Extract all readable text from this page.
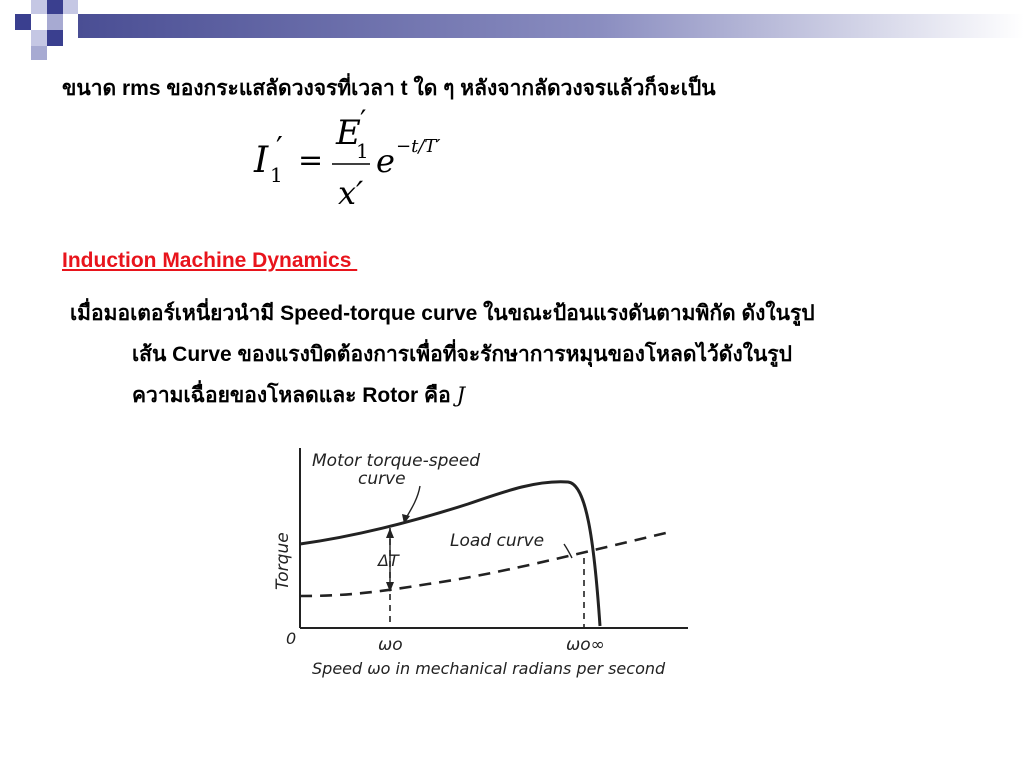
ขนาด rms ของกระแสลัดวงจรที่เวลา t ใด ๆ หลังจากลัดวงจรแล้วก็จะเป็น
I ′
1 =
E ′
1
x′
e −t/T′
Induction Machine Dynamics
เมื่อมอเตอร์เหนี่ยวนำมี Speed-torque curve ในขณะป้อนแรงดันตามพิกัด ดังในรูป
เส้น Curve ของแรงบิดต้องการเพื่อที่จะรักษาการหมุนของโหลดไว้ดังในรูป
ความเฉื่อยของโหลดและ Rotor คือ J
Motor torque-speed
curve
Load curve
ΔT
Torque
0	ωo	ωo∞
Speed ωo in mechanical radians per second
